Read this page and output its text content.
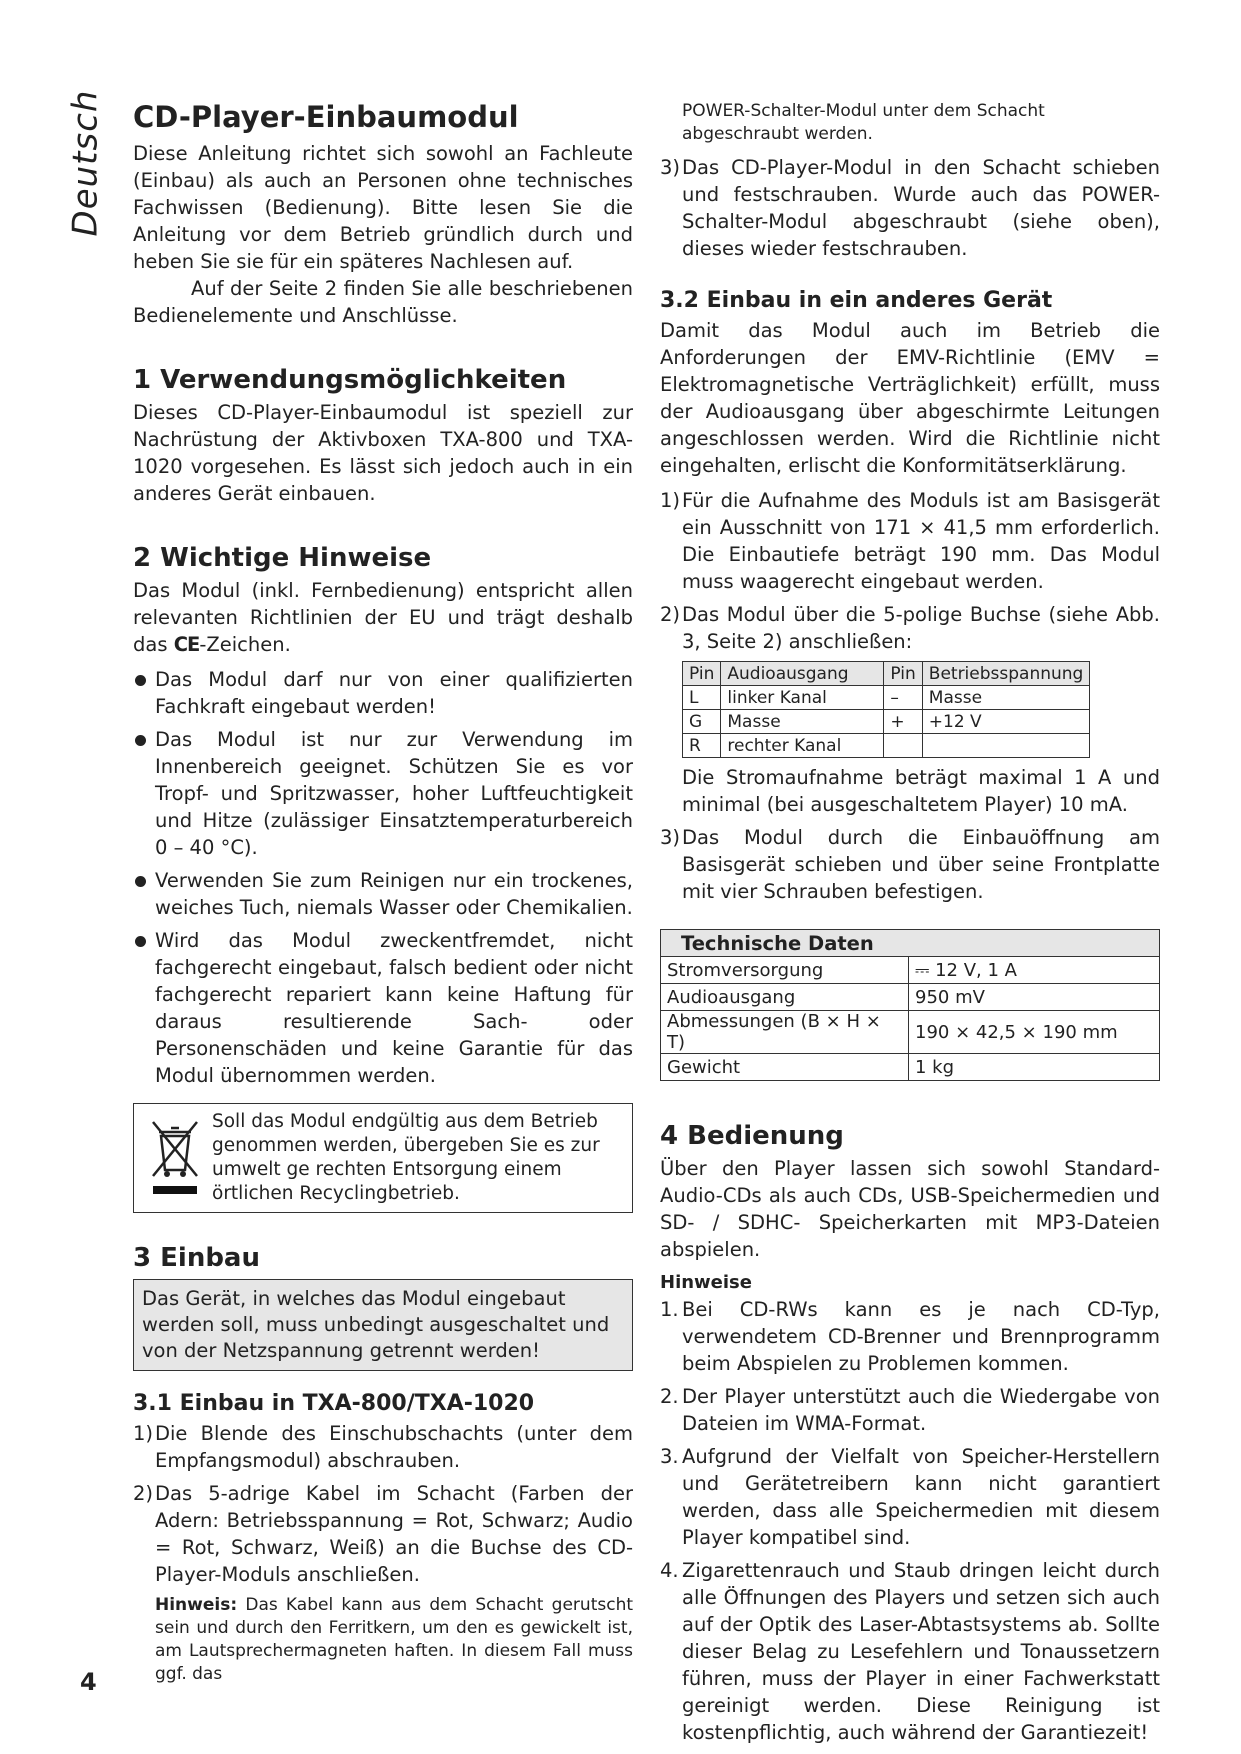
Deutsch CD-Player-Einbaumodul

Diese Anleitung richtet sich sowohl an Fachleute (Einbau) als auch an Personen ohne technisches Fachwissen (Bedienung). Bitte lesen Sie die Anleitung vor dem Betrieb gründlich durch und heben Sie sie für ein späteres Nachlesen auf.

Auf der Seite 2 finden Sie alle beschriebenen Bedienelemente und Anschlüsse.

1 Verwendungsmöglichkeiten

Dieses CD-Player-Einbaumodul ist speziell zur Nachrüstung der Aktivboxen TXA-800 und TXA-1020 vorgesehen. Es lässt sich jedoch auch in ein anderes Gerät einbauen.

2 Wichtige Hinweise

Das Modul (inkl. Fernbedienung) entspricht allen relevanten Richtlinien der EU und trägt deshalb das CE-Zeichen.

Das Modul darf nur von einer qualifizierten Fachkraft eingebaut werden!
Das Modul ist nur zur Verwendung im Innenbereich geeignet. Schützen Sie es vor Tropf- und Spritzwasser, hoher Luftfeuchtigkeit und Hitze (zulässiger Einsatztemperaturbereich 0 – 40 °C).
Verwenden Sie zum Reinigen nur ein trockenes, weiches Tuch, niemals Wasser oder Chemikalien.
Wird das Modul zweckentfremdet, nicht fachgerecht eingebaut, falsch bedient oder nicht fachgerecht repariert kann keine Haftung für daraus resultierende Sach- oder Personenschäden und keine Garantie für das Modul übernommen werden.
Soll das Modul endgültig aus dem Betrieb genommen werden, übergeben Sie es zur umwelt ge rechten Entsorgung einem örtlichen Recyclingbetrieb.
3 Einbau
Das Gerät, in welches das Modul eingebaut werden soll, muss unbedingt ausgeschaltet und von der Netzspannung getrennt werden!
3.1 Einbau in TXA-800/TXA-1020
1) Die Blende des Einschubschachts (unter dem Empfangsmodul) abschrauben.
2) Das 5-adrige Kabel im Schacht (Farben der Adern: Betriebsspannung = Rot, Schwarz; Audio = Rot, Schwarz, Weiß) an die Buchse des CD-Player-Moduls anschließen.

Hinweis: Das Kabel kann aus dem Schacht gerutscht sein und durch den Ferritkern, um den es gewickelt ist, am Lautsprechermagneten haften. In diesem Fall muss ggf. das

POWER-Schalter-Modul unter dem Schacht abgeschraubt werden.

3) Das CD-Player-Modul in den Schacht schieben und festschrauben. Wurde auch das POWER-Schalter-Modul abgeschraubt (siehe oben), dieses wieder festschrauben.
3.2 Einbau in ein anderes Gerät

Damit das Modul auch im Betrieb die Anforderungen der EMV-Richtlinie (EMV = Elektromagnetische Verträglichkeit) erfüllt, muss der Audioausgang über abgeschirmte Leitungen angeschlossen werden. Wird die Richtlinie nicht eingehalten, erlischt die Konformitätserklärung.

1) Für die Aufnahme des Moduls ist am Basisgerät ein Ausschnitt von 171 × 41,5 mm erforderlich. Die Einbautiefe beträgt 190 mm. Das Modul muss waagerecht eingebaut werden.
2) Das Modul über die 5-polige Buchse (siehe Abb. 3, Seite 2) anschließen:
Pin	Audioausgang	Pin	Betriebsspannung
L	linker Kanal	–	Masse
G	Masse	+	+12 V
R	rechter Kanal		

Die Stromaufnahme beträgt maximal 1 A und minimal (bei ausgeschaltetem Player) 10 mA.

3) Das Modul durch die Einbauöffnung am Basisgerät schieben und über seine Frontplatte mit vier Schrauben befestigen.
Technische Daten	
Stromversorgung	⎓ 12 V, 1 A
Audioausgang	950 mV
Abmessungen (B × H × T)	190 × 42,5 × 190 mm
Gewicht	1 kg
4 Bedienung

Über den Player lassen sich sowohl Standard-Audio-CDs als auch CDs, USB-Speichermedien und SD- / SDHC- Speicherkarten mit MP3-Dateien abspielen.

Hinweise

1. Bei CD-RWs kann es je nach CD-Typ, verwendetem CD-Brenner und Brennprogramm beim Abspielen zu Problemen kommen.
2. Der Player unterstützt auch die Wiedergabe von Dateien im WMA-Format.
3. Aufgrund der Vielfalt von Speicher-Herstellern und Gerätetreibern kann nicht garantiert werden, dass alle Speichermedien mit diesem Player kompatibel sind.
4. Zigarettenrauch und Staub dringen leicht durch alle Öffnungen des Players und setzen sich auch auf der Optik des Laser-Abtastsystems ab. Sollte dieser Belag zu Lesefehlern und Tonaussetzern führen, muss der Player in einer Fachwerkstatt gereinigt werden. Diese Reinigung ist kostenpflichtig, auch während der Garantiezeit!
4
